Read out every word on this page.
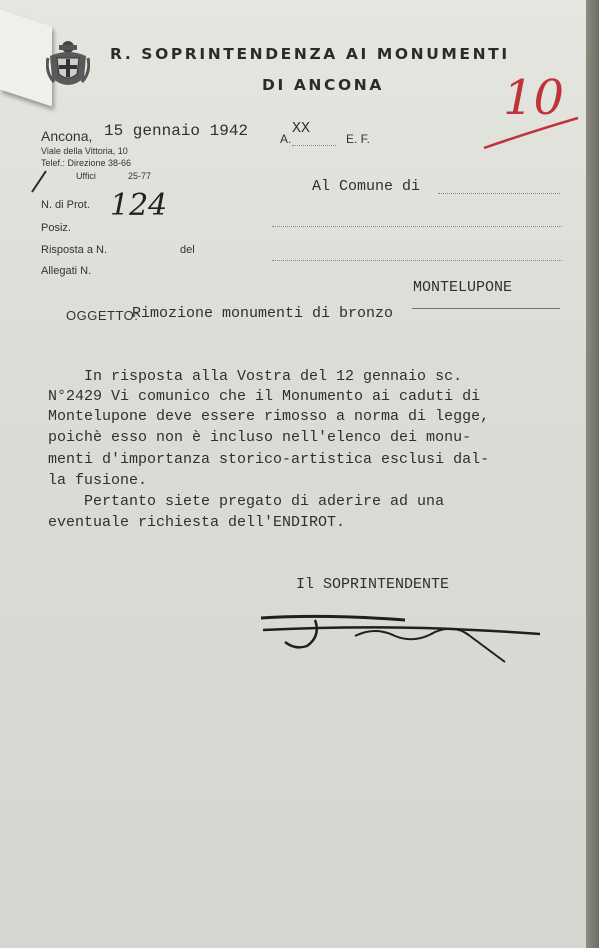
R. SOPRINTENDENZA AI MONUMENTI
DI ANCONA 10
Ancona, 15 gennaio 1942	A.
XX
E. F.
Viale della Vittoria, 10
Telef.: Direzione 38-66
Uffici	25-77
N. di Prot. 124
Posiz.
Risposta a N.	del
Allegati N.
Al Comune di
MONTELUPONE
OGGETTO:
Rimozione monumenti di bronzo
In risposta alla Vostra del 12 gennaio sc.
N°2429 Vi comunico che il Monumento ai caduti di
Montelupone deve essere rimosso a norma di legge,
poichè esso non è incluso nell'elenco dei monu-
menti d'importanza storico-artistica esclusi dal-
la fusione.
Pertanto siete pregato di aderire ad una
eventuale richiesta dell'ENDIROT.
Il SOPRINTENDENTE
